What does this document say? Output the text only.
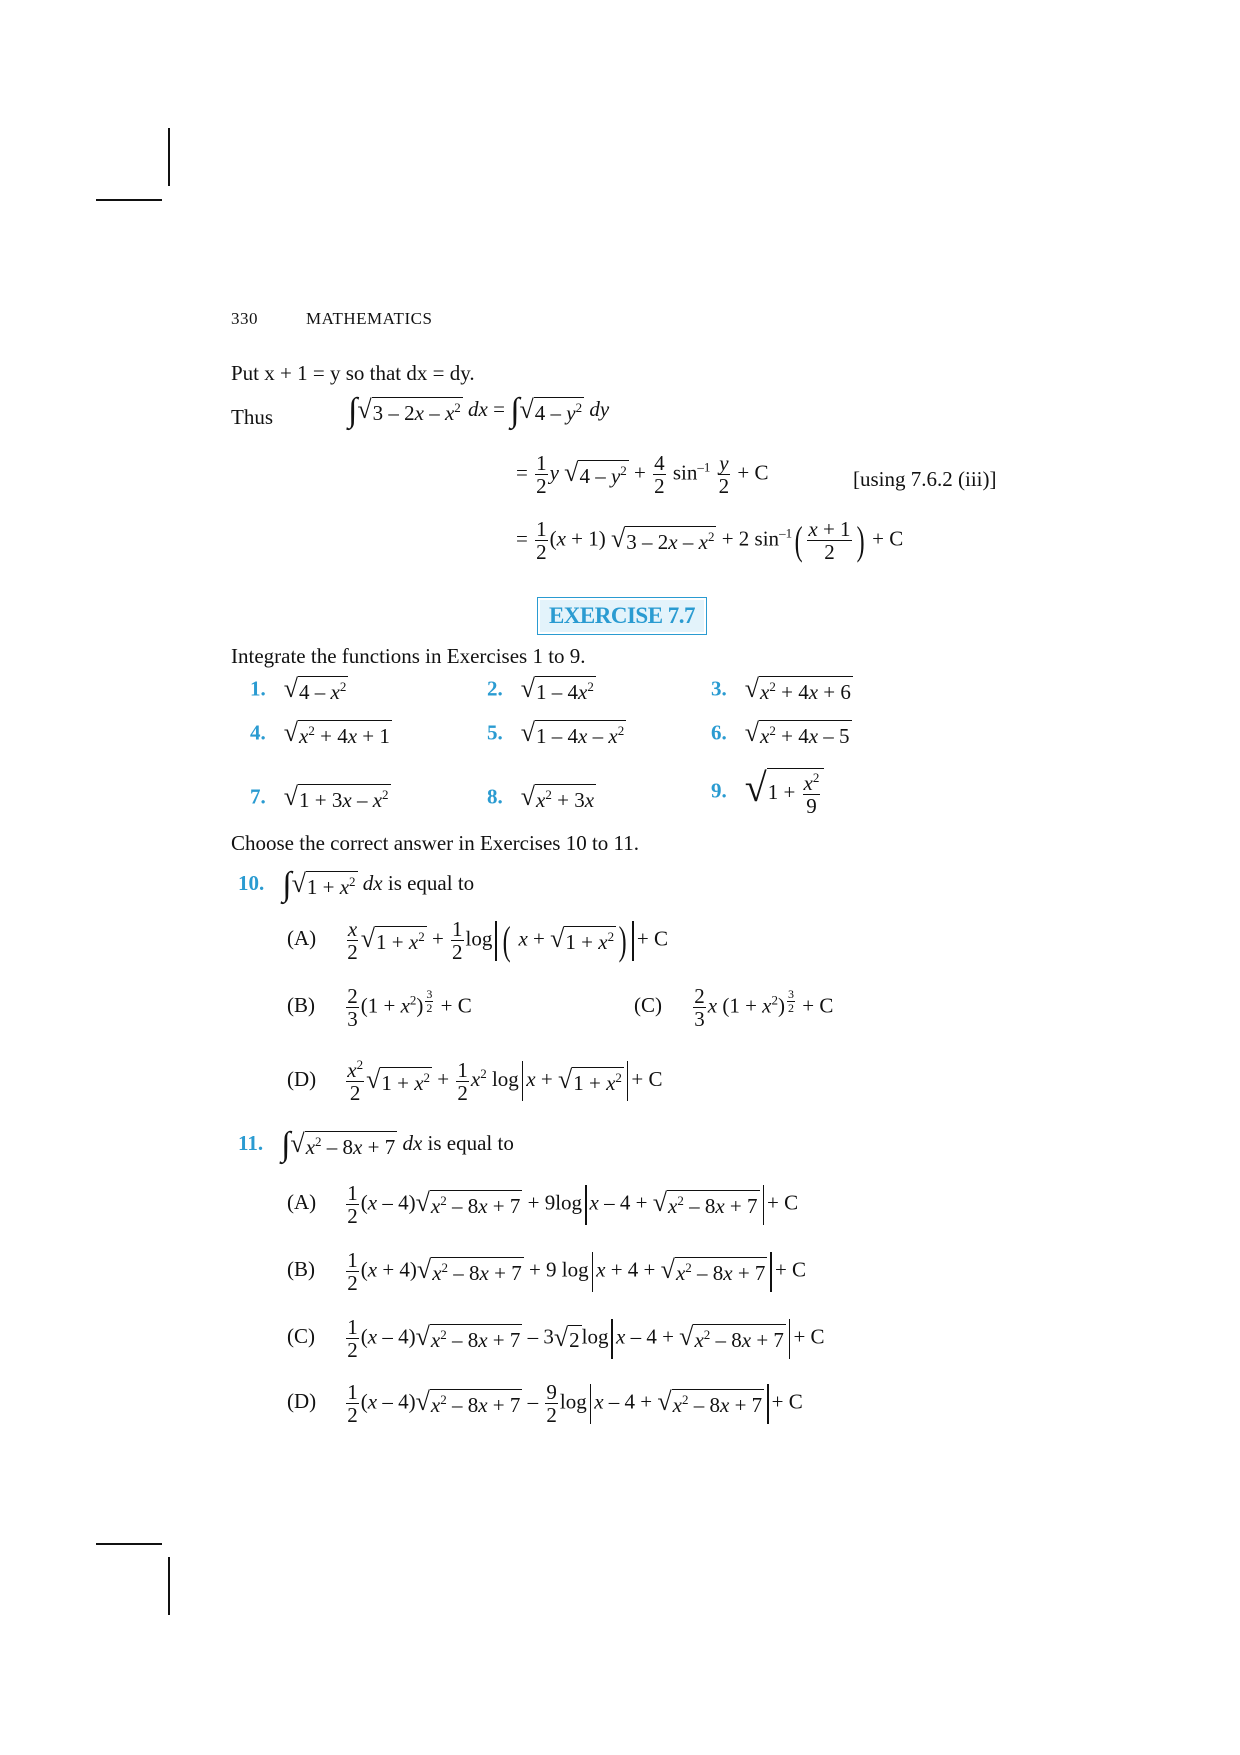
330	MATHEMATICS
Put x + 1 = y so that dx = dy.
Thus ∫ √ $3 - 2x - x^2$ dx = ∫ √ $4 - y^2$ dy
= $\frac{1}{2}$ y √ $4 - y^2 + \frac{4}{2} \sin^{-1} \frac{y}{2} + C$	[using 7.6.2 (iii)]
= $\frac{1}{2} (x + 1)$ √ $3 - 2x - x^2 + 2$ $\sin^{-1}( \frac{x + 1}{2}$ ) + C
EXERCISE 7.7
Integrate the functions in Exercises 1 to 9.
1. √ $4 - x^2$	2. √ $1 - 4x^2$	3. √ $x^2 + 4x + 6$
4. √ $x^2 + 4x + 1$	5. √ $1 - 4x - x^2$	6. √ $x^2 + 4x - 5$
7. √ $1 + 3x - x^2$	8. √ $x^2 + 3x$	9. √ $1 + \frac{x^2}{9}$
Choose the correct answer in Exercises 10 to 11.
10. ∫ √ $1 + x^2$ dx is equal to
$(A) \frac{x}{2}$ √ $1 + x^2 + \frac{1}{2}$ log ( x + √ $1 + x^2$ ) + C
$(B) \frac{2}{3} (1 + x^2) ^{\frac{3}{2}} + C$	$(C) \frac{2}{3}$ x $(1 + x^2)$ $^{\frac{3}{2}}$ + C
$(D) \frac{x^2}{2}$ √ $1 + x^2 + \frac{1}{2} x^2$ log x + √ $1 + x^2 + C$
11. ∫ √ $x^2 - 8x + 7$ dx is equal to
$(A) \frac{1}{2} (x - 4)$ √ $x^2 - 8x + 7 + 9\log$ x – 4 + √ $x^2 - 8x + 7 + C$
$(B) \frac{1}{2} (x + 4)$ √ $x^2 - 8x + 7 + 9$ log x + 4 + √ $x^2 - 8x + 7 + C$
$(C) \frac{1}{2} (x - 4)$ √ $x^2 - 8x + 7 - 3$ √ 2 log x – 4 + √ $x^2 - 8x + 7 + C$
$(D) \frac{1}{2} (x - 4)$ √ $x^2 - 8x + 7 - \frac{9}{2}$ log x – 4 + √ $x^2 - 8x + 7 + C$
